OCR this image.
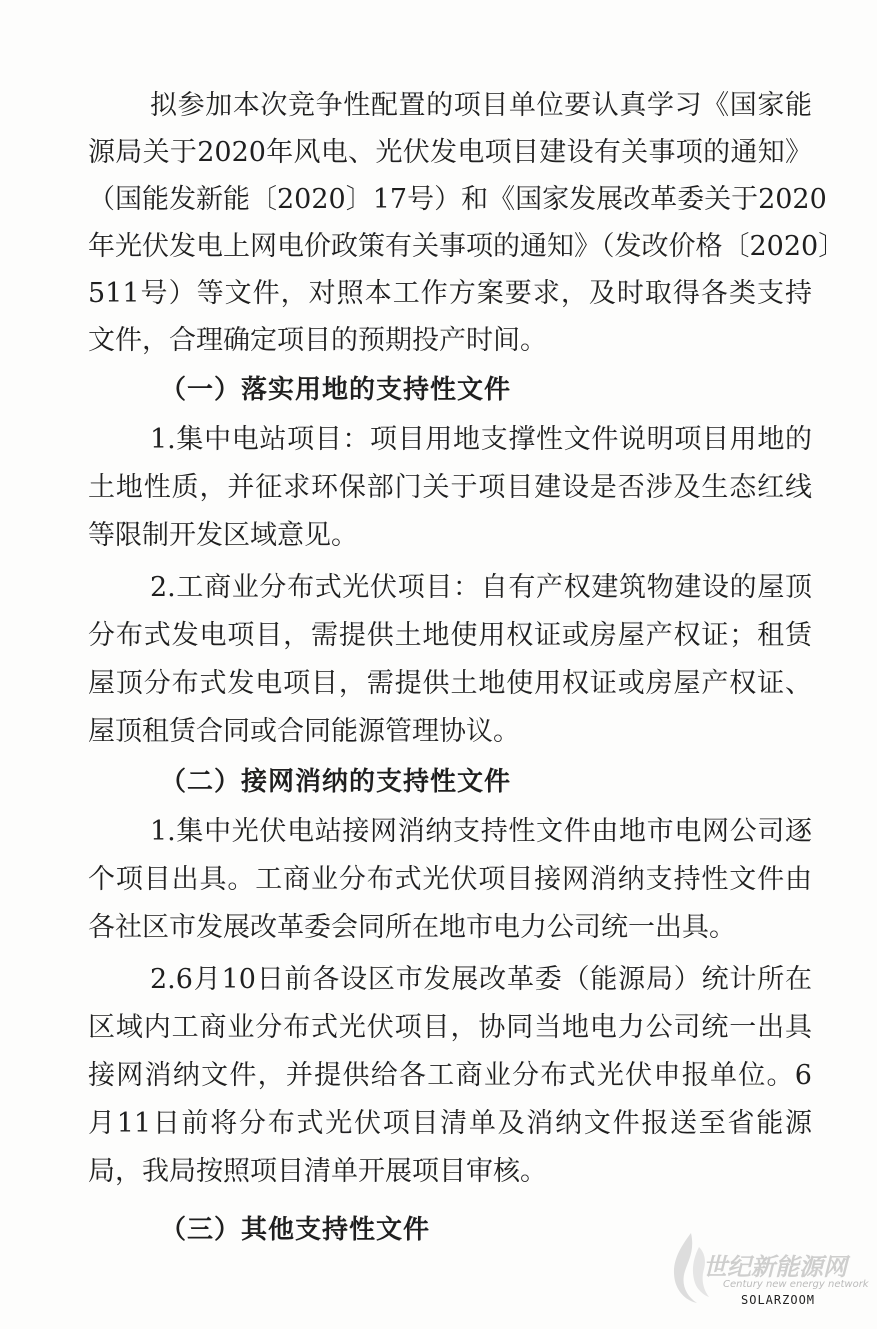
拟参加本次竞争性配置的项目单位要认真学习《国家能

源局关于2020年风电、光伏发电项目建设有关事项的通知》

（国能发新能〔2020〕17号）和《国家发展改革委关于2020

年光伏发电上网电价政策有关事项的通知》（发改价格〔2020〕

511号）等文件，对照本工作方案要求，及时取得各类支持

文件，合理确定项目的预期投产时间。

（一）落实用地的支持性文件

1.集中电站项目：项目用地支撑性文件说明项目用地的

土地性质，并征求环保部门关于项目建设是否涉及生态红线

等限制开发区域意见。

2.工商业分布式光伏项目：自有产权建筑物建设的屋顶

分布式发电项目，需提供土地使用权证或房屋产权证；租赁

屋顶分布式发电项目，需提供土地使用权证或房屋产权证、

屋顶租赁合同或合同能源管理协议。

（二）接网消纳的支持性文件

1.集中光伏电站接网消纳支持性文件由地市电网公司逐

个项目出具。工商业分布式光伏项目接网消纳支持性文件由

各社区市发展改革委会同所在地市电力公司统一出具。

2.6月10日前各设区市发展改革委（能源局）统计所在

区域内工商业分布式光伏项目，协同当地电力公司统一出具

接网消纳文件，并提供给各工商业分布式光伏申报单位。6

月11日前将分布式光伏项目清单及消纳文件报送至省能源

局，我局按照项目清单开展项目审核。

（三）其他支持性文件

世纪新能源网
Century new energy network
SOLARZOOM
